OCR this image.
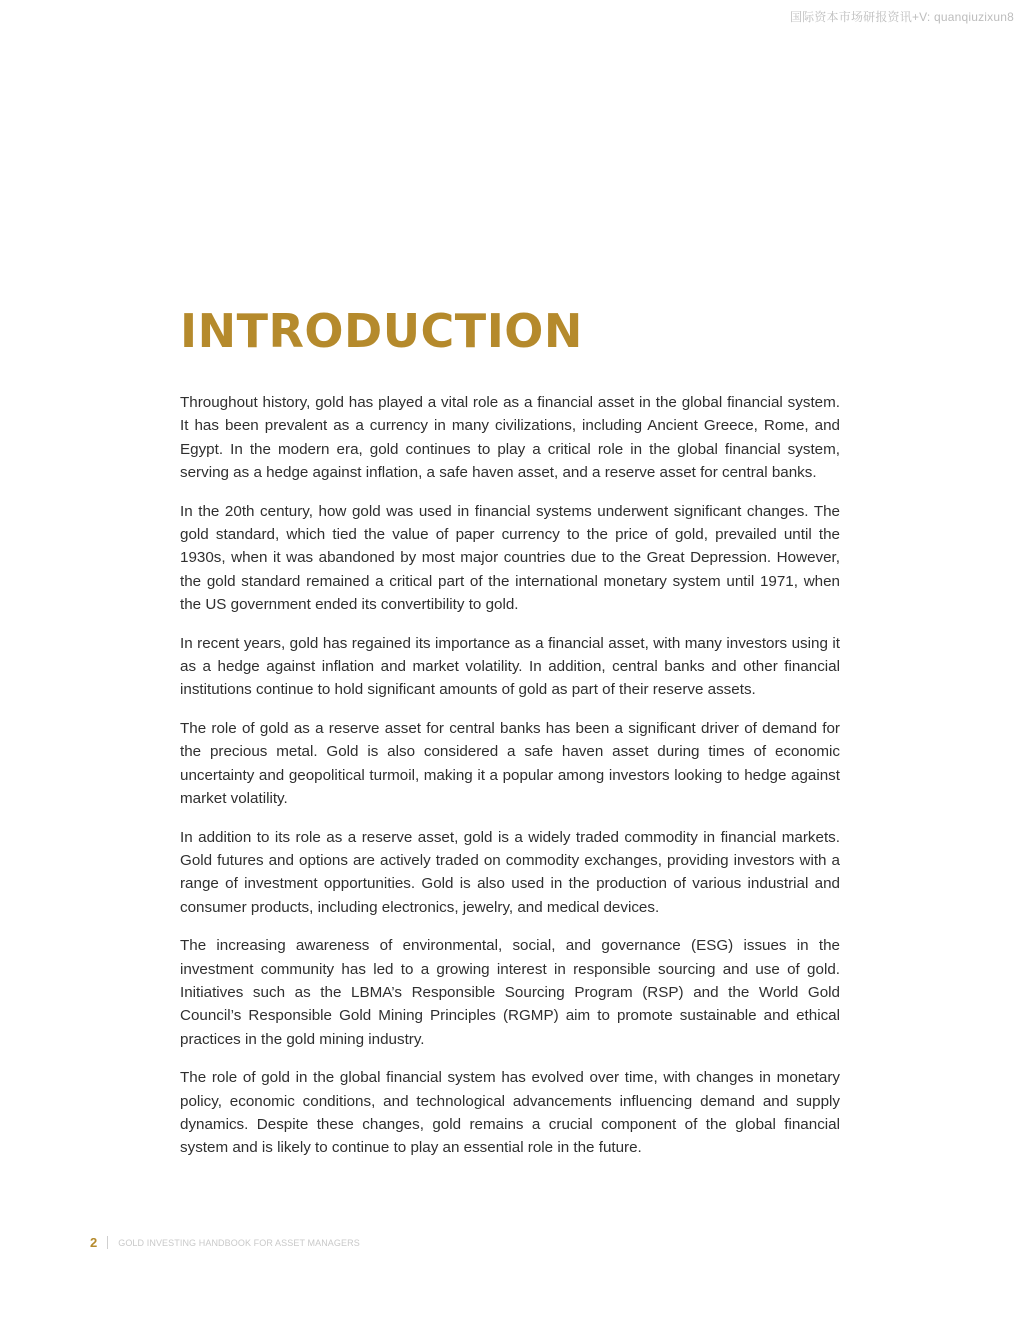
国际资本市场研报资讯+V: quanqiuzixun8
INTRODUCTION

Throughout history, gold has played a vital role as a financial asset in the global financial system. It has been prevalent as a currency in many civilizations, including Ancient Greece, Rome, and Egypt. In the modern era, gold continues to play a critical role in the global financial system, serving as a hedge against inflation, a safe haven asset, and a reserve asset for central banks.

In the 20th century, how gold was used in financial systems underwent significant changes. The gold standard, which tied the value of paper currency to the price of gold, prevailed until the 1930s, when it was abandoned by most major countries due to the Great Depression. However, the gold standard remained a critical part of the international monetary system until 1971, when the US government ended its convertibility to gold.

In recent years, gold has regained its importance as a financial asset, with many investors using it as a hedge against inflation and market volatility. In addition, central banks and other financial institutions continue to hold significant amounts of gold as part of their reserve assets.

The role of gold as a reserve asset for central banks has been a significant driver of demand for the precious metal. Gold is also considered a safe haven asset during times of economic uncertainty and geopolitical turmoil, making it a popular among investors looking to hedge against market volatility.

In addition to its role as a reserve asset, gold is a widely traded commodity in financial markets. Gold futures and options are actively traded on commodity exchanges, providing investors with a range of investment opportunities. Gold is also used in the production of various industrial and consumer products, including electronics, jewelry, and medical devices.

The increasing awareness of environmental, social, and governance (ESG) issues in the investment community has led to a growing interest in responsible sourcing and use of gold. Initiatives such as the LBMA’s Responsible Sourcing Program (RSP) and the World Gold Council’s Responsible Gold Mining Principles (RGMP) aim to promote sustainable and ethical practices in the gold mining industry.

The role of gold in the global financial system has evolved over time, with changes in monetary policy, economic conditions, and technological advancements influencing demand and supply dynamics. Despite these changes, gold remains a crucial component of the global financial system and is likely to continue to play an essential role in the future.

2 GOLD INVESTING HANDBOOK FOR ASSET MANAGERS
